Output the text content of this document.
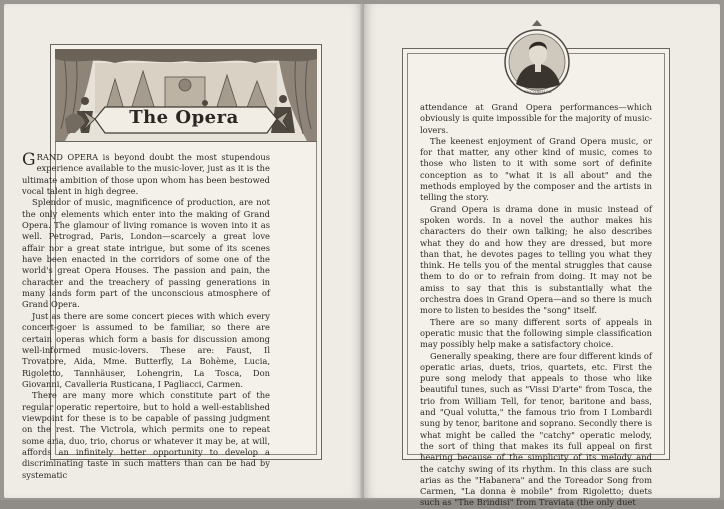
The Opera

GRAND OPERA is beyond doubt the most stupendous experience available to the music-lover, just as it is the ultimate ambition of those upon whom has been bestowed vocal talent in high degree.

Splendor of music, magnificence of production, are not the only elements which enter into the making of Grand Opera. The glamour of living romance is woven into it as well. Petrograd, Paris, London—scarcely a great love affair nor a great state intrigue, but some of its scenes have been enacted in the corridors of some one of the world's great Opera Houses. The passion and pain, the character and the treachery of passing generations in many lands form part of the unconscious atmosphere of Grand Opera.

Just as there are some concert pieces with which every concert-goer is assumed to be familiar, so there are certain operas which form a basis for discussion among well-informed music-lovers. These are: Faust, Il Trovatore, Aida, Mme. Butterfly, La Bohème, Lucia, Rigoletto, Tannhäuser, Lohengrin, La Tosca, Don Giovanni, Cavalleria Rusticana, I Pagliacci, Carmen.

There are many more which constitute part of the regular operatic repertoire, but to hold a well-established viewpoint for these is to be capable of passing judgment on the rest. The Victrola, which permits one to repeat some aria, duo, trio, chorus or whatever it may be, at will, affords an infinitely better opportunity to develop a discriminating taste in such matters than can be had by systematic

McCORMACK

attendance at Grand Opera performances—which obviously is quite impossible for the majority of music-lovers.

The keenest enjoyment of Grand Opera music, or for that matter, any other kind of music, comes to those who listen to it with some sort of definite conception as to "what it is all about" and the methods employed by the composer and the artists in telling the story.

Grand Opera is drama done in music instead of spoken words. In a novel the author makes his characters do their own talking; he also describes what they do and how they are dressed, but more than that, he devotes pages to telling you what they think. He tells you of the mental struggles that cause them to do or to refrain from doing. It may not be amiss to say that this is substantially what the orchestra does in Grand Opera—and so there is much more to listen to besides the "song" itself.

There are so many different sorts of appeals in operatic music that the following simple classification may possibly help make a satisfactory choice.

Generally speaking, there are four different kinds of operatic arias, duets, trios, quartets, etc. First the pure song melody that appeals to those who like beautiful tunes, such as "Vissi D'arte" from Tosca, the trio from William Tell, for tenor, baritone and bass, and "Qual volutta," the famous trio from I Lombardi sung by tenor, baritone and soprano. Secondly there is what might be called the "catchy" operatic melody, the sort of thing that makes its full appeal on first hearing because of the simplicity of its melody and the catchy swing of its rhythm. In this class are such arias as the "Habanera" and the Toreador Song from Carmen, "La donna è mobile" from Rigoletto; duets such as "The Brindisi" from Traviata (the only duet
